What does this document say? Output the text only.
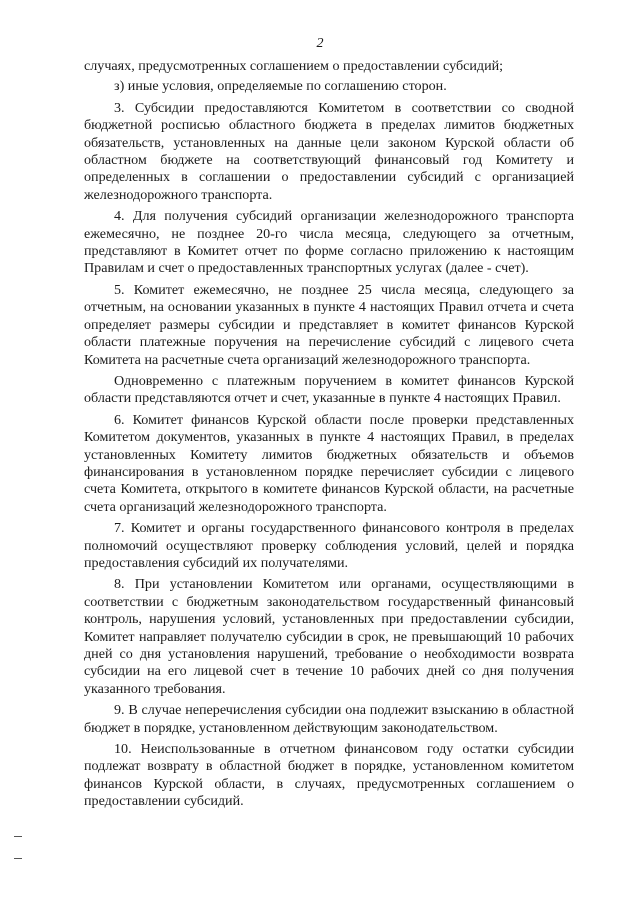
2

случаях, предусмотренных соглашением о предоставлении субсидий;

з) иные условия, определяемые по соглашению сторон.

3. Субсидии предоставляются Комитетом в соответствии со сводной бюджетной росписью областного бюджета в пределах лимитов бюджетных обязательств, установленных на данные цели законом Курской области об областном бюджете на соответствующий финансовый год Комитету и определенных в соглашении о предоставлении субсидий с организацией железнодорожного транспорта.

4. Для получения субсидий организации железнодорожного транспорта ежемесячно, не позднее 20-го числа месяца, следующего за отчетным, представляют в Комитет отчет по форме согласно приложению к настоящим Правилам и счет о предоставленных транспортных услугах (далее - счет).

5. Комитет ежемесячно, не позднее 25 числа месяца, следующего за отчетным, на основании указанных в пункте 4 настоящих Правил отчета и счета определяет размеры субсидии и представляет в комитет финансов Курской области платежные поручения на перечисление субсидий с лицевого счета Комитета на расчетные счета организаций железнодорожного транспорта.

Одновременно с платежным поручением в комитет финансов Курской области представляются отчет и счет, указанные в пункте 4 настоящих Правил.

6. Комитет финансов Курской области после проверки представленных Комитетом документов, указанных в пункте 4 настоящих Правил, в пределах установленных Комитету лимитов бюджетных обязательств и объемов финансирования в установленном порядке перечисляет субсидии с лицевого счета Комитета, открытого в комитете финансов Курской области, на расчетные счета организаций железнодорожного транспорта.

7. Комитет и органы государственного финансового контроля в пределах полномочий осуществляют проверку соблюдения условий, целей и порядка предоставления субсидий их получателями.

8. При установлении Комитетом или органами, осуществляющими в соответствии с бюджетным законодательством государственный финансовый контроль, нарушения условий, установленных при предоставлении субсидии, Комитет направляет получателю субсидии в срок, не превышающий 10 рабочих дней со дня установления нарушений, требование о необходимости возврата субсидии на его лицевой счет в течение 10 рабочих дней со дня получения указанного требования.

9. В случае неперечисления субсидии она подлежит взысканию в областной бюджет в порядке, установленном действующим законодательством.

10. Неиспользованные в отчетном финансовом году остатки субсидии подлежат возврату в областной бюджет в порядке, установленном комитетом финансов Курской области, в случаях, предусмотренных соглашением о предоставлении субсидий.
